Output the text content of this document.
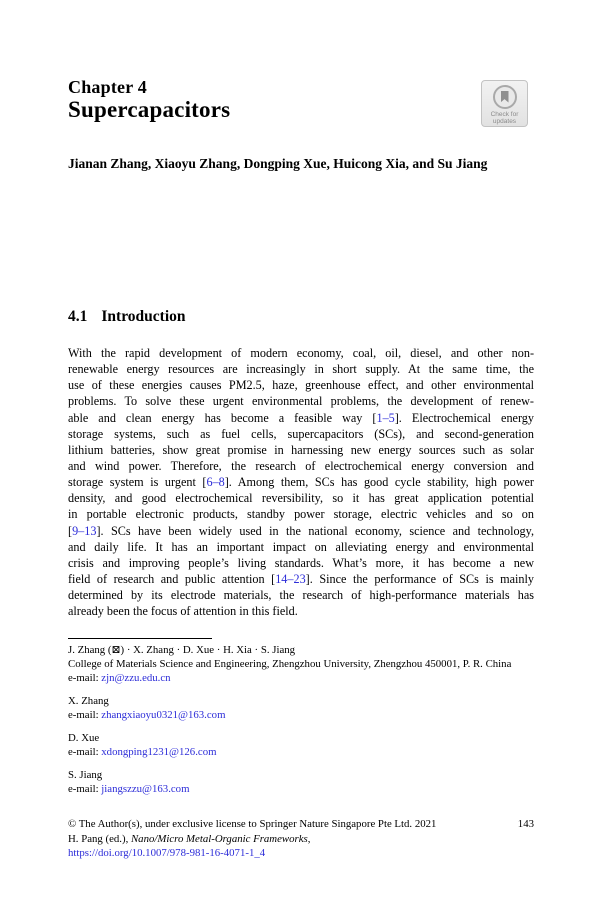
Chapter 4
Supercapacitors	Check for
updates
Jianan Zhang, Xiaoyu Zhang, Dongping Xue, Huicong Xia, and Su Jiang
4.1 Introduction
With the rapid development of modern economy, coal, oil, diesel, and other non-
renewable energy resources are increasingly in short supply. At the same time, the
use of these energies causes PM2.5, haze, greenhouse effect, and other environmental
problems. To solve these urgent environmental problems, the development of renew-
able and clean energy has become a feasible way [1–5]. Electrochemical energy
storage systems, such as fuel cells, supercapacitors (SCs), and second-generation
lithium batteries, show great promise in harnessing new energy sources such as solar
and wind power. Therefore, the research of electrochemical energy conversion and
storage system is urgent [6–8]. Among them, SCs has good cycle stability, high power
density, and good electrochemical reversibility, so it has great application potential
in portable electronic products, standby power storage, electric vehicles and so on
[9–13]. SCs have been widely used in the national economy, science and technology,
and daily life. It has an important impact on alleviating energy and environmental
crisis and improving people’s living standards. What’s more, it has become a new
field of research and public attention [14–23]. Since the performance of SCs is mainly
determined by its electrode materials, the research of high-performance materials has
already been the focus of attention in this field.
J. Zhang (⊠) · X. Zhang · D. Xue · H. Xia · S. Jiang
College of Materials Science and Engineering, Zhengzhou University, Zhengzhou 450001, P. R. China
e-mail: zjn@zzu.edu.cn
X. Zhang
e-mail: zhangxiaoyu0321@163.com
D. Xue
e-mail: xdongping1231@126.com
S. Jiang
e-mail: jiangszzu@163.com
© The Author(s), under exclusive license to Springer Nature Singapore Pte Ltd. 2021	143
H. Pang (ed.), Nano/Micro Metal-Organic Frameworks,
https://doi.org/10.1007/978-981-16-4071-1_4
